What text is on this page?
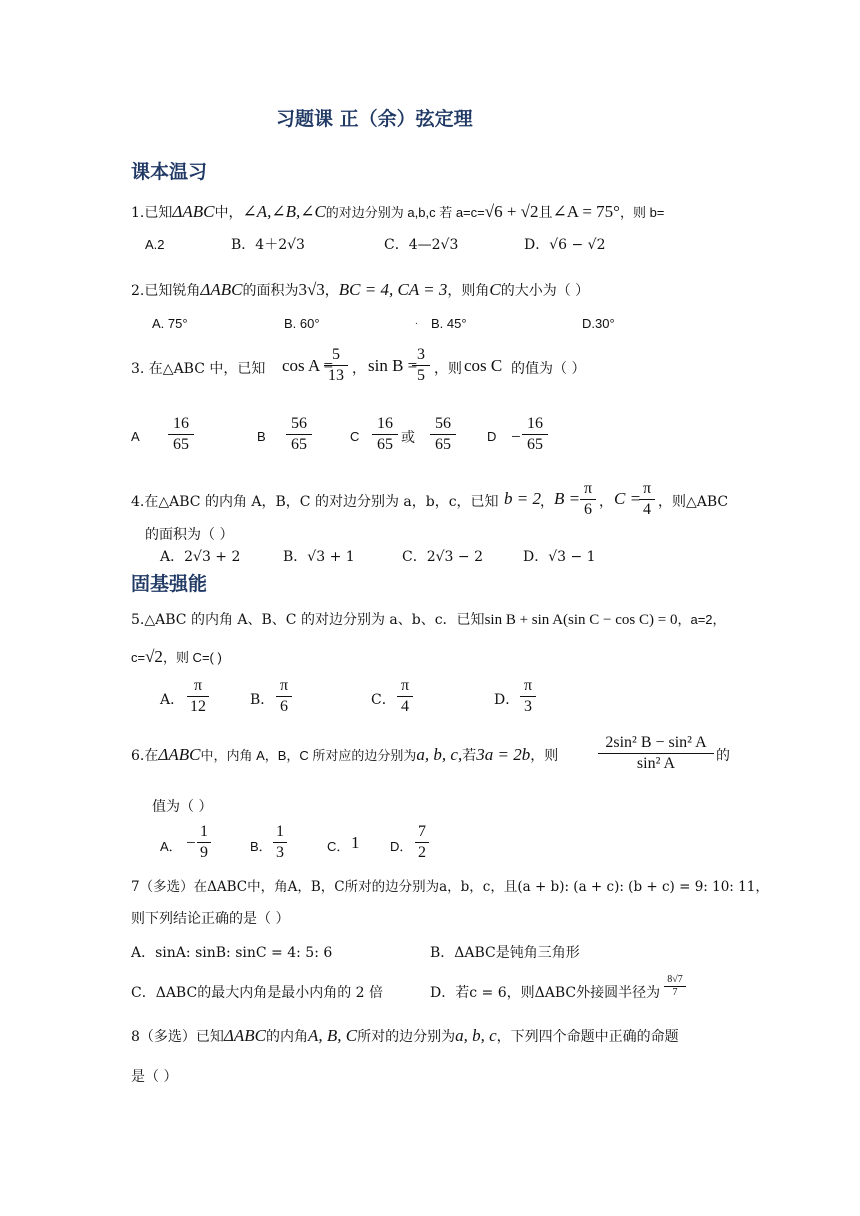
习题课 正（余）弦定理
课本温习
1.已知ΔABC中，∠A,∠B,∠C的对边分别为 a,b,c 若 a=c=√6 + √2且∠A = 75°，则 b=
A.2	B．4＋2√3	C．4—2√3	D．√6 − √2
2.已知锐角ΔABC的面积为3√3，BC = 4, CA = 3，则角C的大小为（ ）
A. 75°	B. 60°	. B. 45°	D.30°
3. 在△ABC 中，已知 cos A =
5
13 ， sin B =
3
5 ，则 cos C 的值为（ ）
A
16
65	B
56
65	C
16
65 或
56
65	D −
16
65
4.在△ABC 的内角 A，B，C 的对边分别为 a，b，c，已知 b = 2 ， B =
π
6 ， C =
π
4 ，则△ABC
的面积为（ ）
A．2√3 + 2	B．√3 + 1	C．2√3 − 2	D．√3 − 1
固基强能
5.△ABC 的内角 A、B、C 的对边分别为 a、b、c．已知sin B + sin A(sin C − cos C) = 0，a=2，
c=√2，则 C=( )
A．
π
12	B．
π
6	C．
π
4	D．
π
3
6.在ΔABC中，内角 A，B，C 所对应的边分别为a, b, c,若3a = 2b，则
2sin² B − sin² A
sin² A	的
值为（ ）
A． −
1
9	B．
1
3	C． 1 D．
7
2
7（多选）在ΔABC中，角A，B，C所对的边分别为a，b，c，且(a + b): (a + c): (b + c) = 9: 10: 11，
则下列结论正确的是（ ）
A．sinA: sinB: sinC = 4: 5: 6	B．ΔABC是钝角三角形
C．ΔABC的最大内角是最小内角的 2 倍	D．若c = 6，则ΔABC外接圆半径为
8√7
7
8（多选）已知ΔABC的内角A, B, C所对的边分别为a, b, c，下列四个命题中正确的命题
是（ ）
